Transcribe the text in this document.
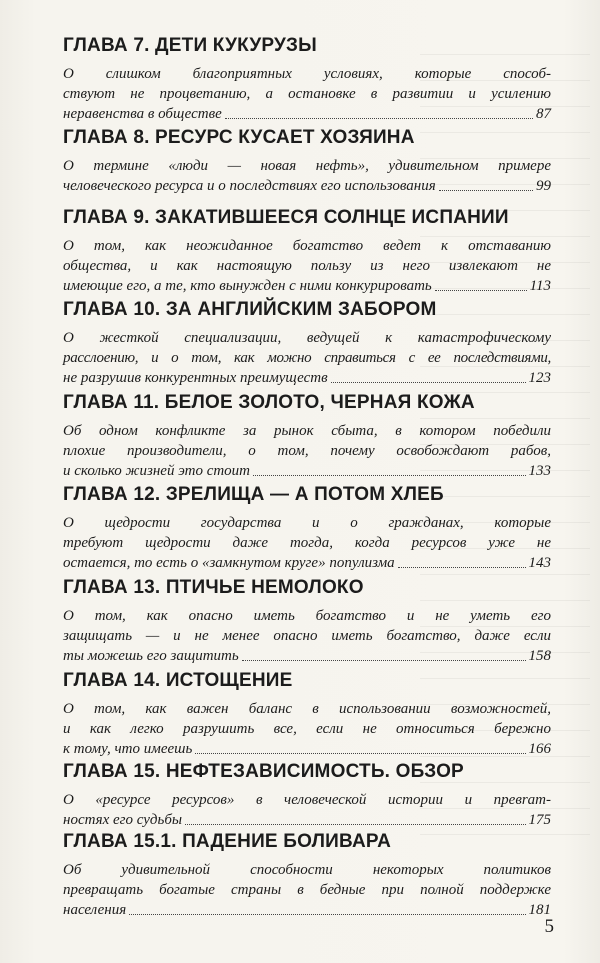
ГЛАВА 7. ДЕТИ КУКУРУЗЫ
О слишком благоприятных условиях, которые способ-
ствуют не процветанию, а остановке в развитии и усилению
неравенства в обществе	87
ГЛАВА 8. РЕСУРС КУСАЕТ ХОЗЯИНА
О термине «люди — новая нефть», удивительном примере
человеческого ресурса и о последствиях его использования	99
ГЛАВА 9. ЗАКАТИВШЕЕСЯ СОЛНЦЕ ИСПАНИИ
О том, как неожиданное богатство ведет к отставанию
общества, и как настоящую пользу из него извлекают не
имеющие его, а те, кто вынужден с ними конкурировать	113
ГЛАВА 10. ЗА АНГЛИЙСКИМ ЗАБОРОМ
О жесткой специализации, ведущей к катастрофическому
расслоению, и о том, как можно справиться с ее последствиями,
не разрушив конкурентных преимуществ	123
ГЛАВА 11. БЕЛОЕ ЗОЛОТО, ЧЕРНАЯ КОЖА
Об одном конфликте за рынок сбыта, в котором победили
плохие производители, о том, почему освобождают рабов,
и сколько жизней это стоит	133
ГЛАВА 12. ЗРЕЛИЩА — А ПОТОМ ХЛЕБ
О щедрости государства и о гражданах, которые
требуют щедрости даже тогда, когда ресурсов уже не
остается, то есть о «замкнутом круге» популизма	143
ГЛАВА 13. ПТИЧЬЕ НЕМОЛОКО
О том, как опасно иметь богатство и не уметь его
защищать — и не менее опасно иметь богатство, даже если
ты можешь его защитить	158
ГЛАВА 14. ИСТОЩЕНИЕ
О том, как важен баланс в использовании возможностей,
и как легко разрушить все, если не относиться бережно
к тому, что имеешь	166
ГЛАВА 15. НЕФТЕЗАВИСИМОСТЬ. ОБЗОР
О «ресурсе ресурсов» в человеческой истории и превrат-
ностях его судьбы	175
ГЛАВА 15.1. ПАДЕНИЕ БОЛИВАРА
Об удивительной способности некоторых политиков
превращать богатые страны в бедные при полной поддержке
населения	181
5
